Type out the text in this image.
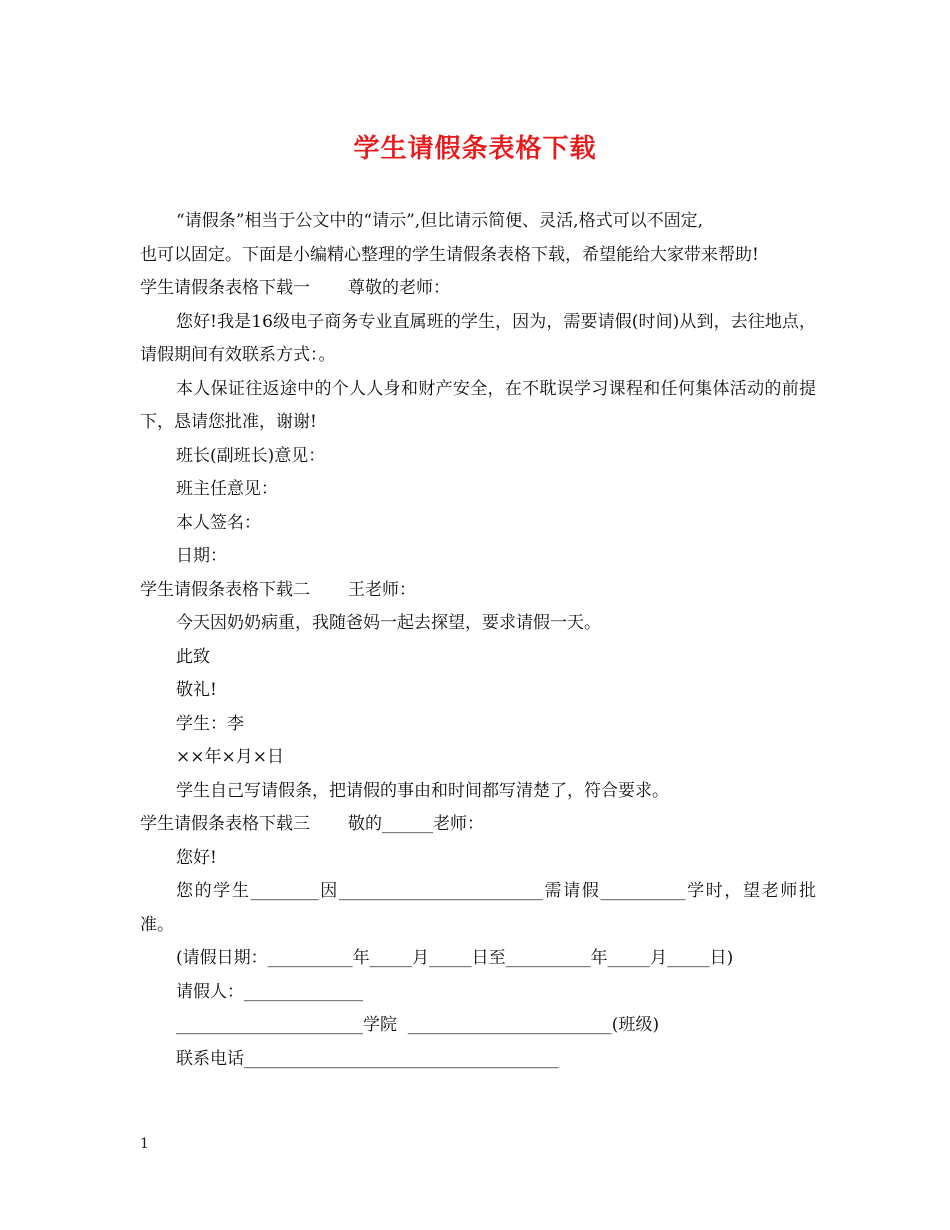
学生请假条表格下载

“请假条”相当于公文中的“请示”,但比请示简便、灵活,格式可以不固定,

也可以固定。下面是小编精心整理的学生请假条表格下载，希望能给大家带来帮助!

学生请假条表格下载一 尊敬的老师：

您好!我是16级电子商务专业直属班的学生，因为，需要请假(时间)从到，去往地点，请假期间有效联系方式：。

本人保证往返途中的个人人身和财产安全，在不耽误学习课程和任何集体活动的前提下，恳请您批准，谢谢!

班长(副班长)意见：

班主任意见：

本人签名：

日期：

学生请假条表格下载二 王老师：

今天因奶奶病重，我随爸妈一起去探望，要求请假一天。

此致

敬礼!

学生：李

××年×月×日

学生自己写请假条，把请假的事由和时间都写清楚了，符合要求。

学生请假条表格下载三 敬的______老师：

您好!

您的学生________因________________________需请假__________学时，望老师批准。

(请假日期：__________年_____月_____日至__________年_____月_____日)

请假人：______________

______________________学院  ________________________(班级)

联系电话_____________________________________

1
